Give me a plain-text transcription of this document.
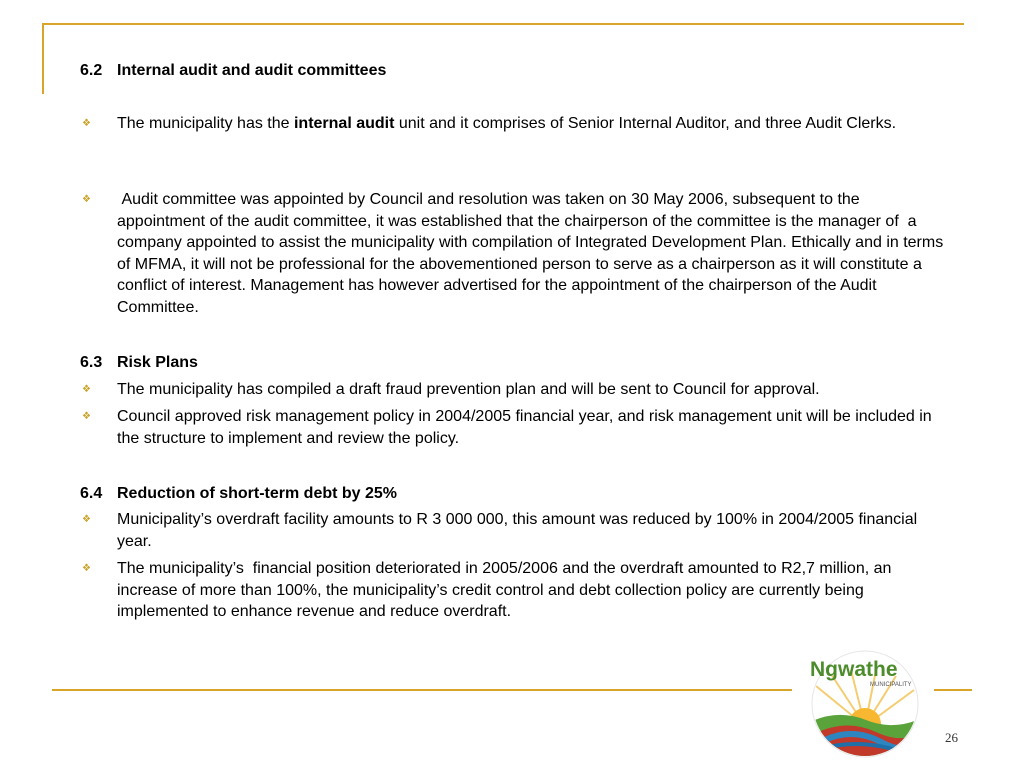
6.2 Internal audit and audit committees
❖	The municipality has the internal audit unit and it comprises of Senior Internal Auditor, and three Audit Clerks.
❖	Audit committee was appointed by Council and resolution was taken on 30 May 2006, subsequent to the appointment of the audit committee, it was established that the chairperson of the committee is the manager of  a company appointed to assist the municipality with compilation of Integrated Development Plan. Ethically and in terms of MFMA, it will not be professional for the abovementioned person to serve as a chairperson as it will constitute a conflict of interest. Management has however advertised for the appointment of the chairperson of the Audit Committee.
6.3 Risk Plans
❖	The municipality has compiled a draft fraud prevention plan and will be sent to Council for approval.
❖	Council approved risk management policy in 2004/2005 financial year, and risk management unit will be included in the structure to implement and review the policy.
6.4 Reduction of short-term debt by 25%
❖	Municipality’s overdraft facility amounts to R 3 000 000, this amount was reduced by 100% in 2004/2005 financial year.
❖	The municipality’s  financial position deteriorated in 2005/2006 and the overdraft amounted to R2,7 million, an increase of more than 100%, the municipality’s credit control and debt collection policy are currently being implemented to enhance revenue and reduce overdraft.
Ngwathe
MUNICIPALITY
26
